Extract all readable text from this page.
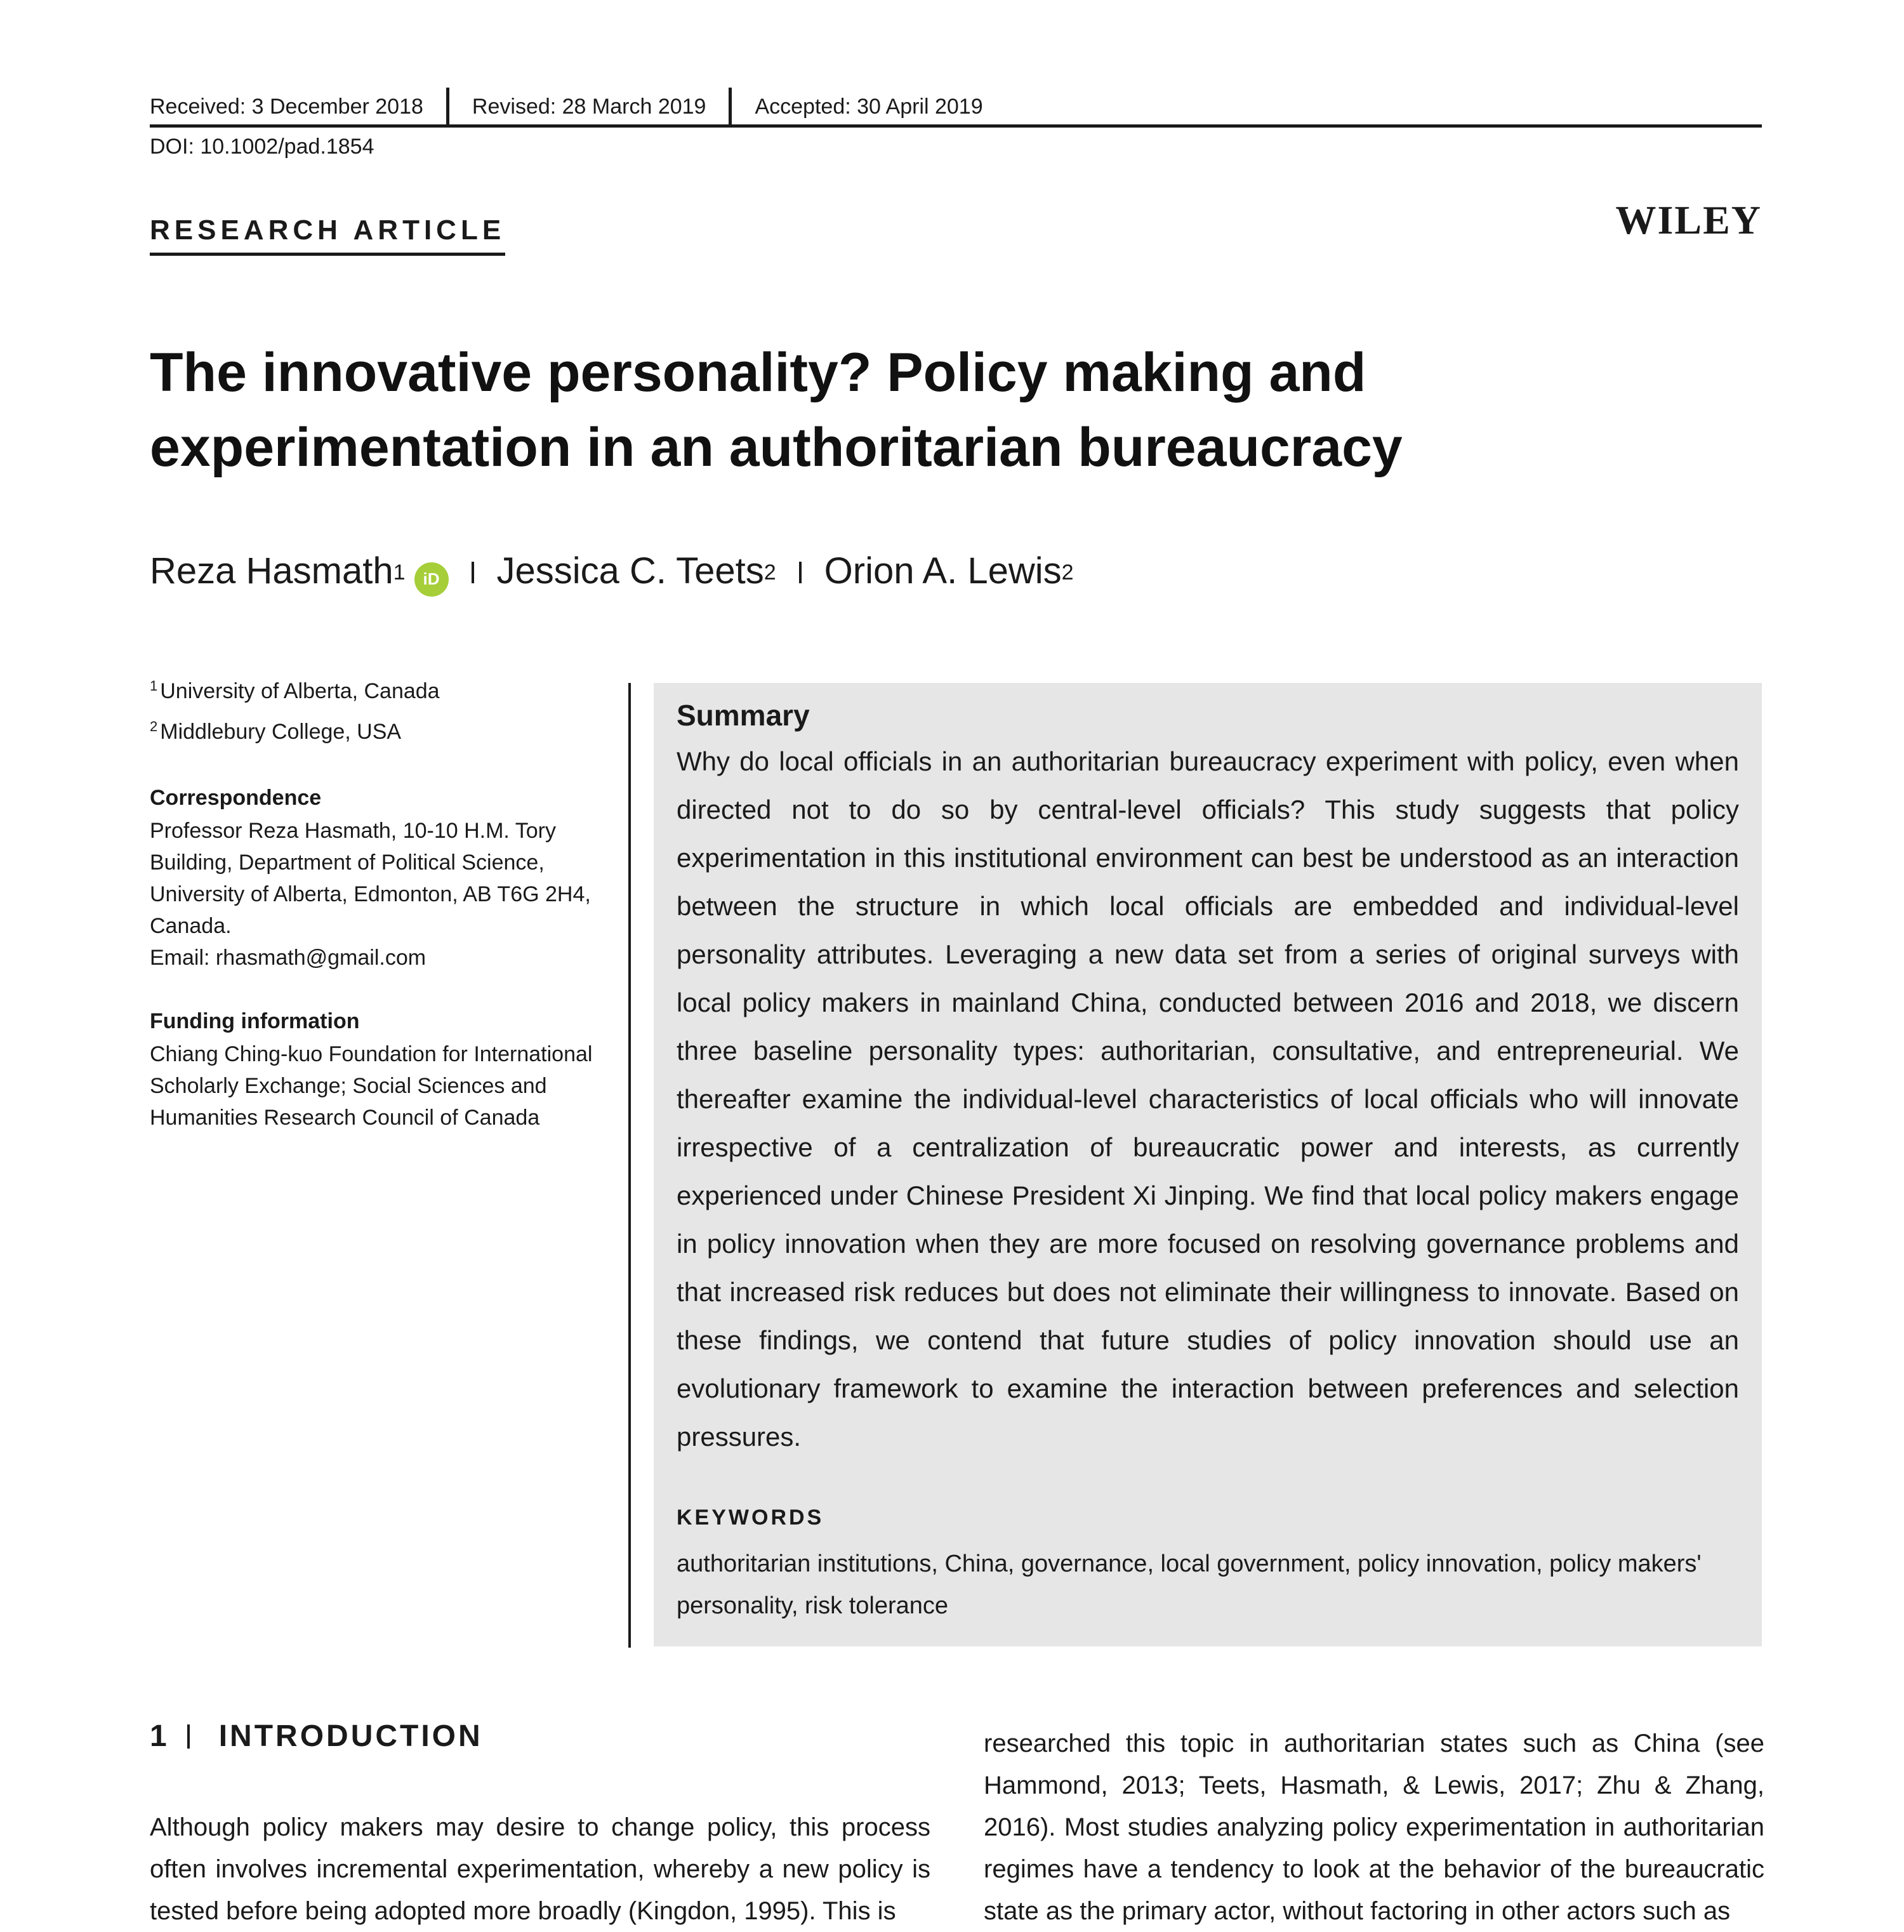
Received: 3 December 2018	Revised: 28 March 2019	Accepted: 30 April 2019
DOI: 10.1002/pad.1854
RESEARCH ARTICLE	WILEY
The innovative personality? Policy making and experimentation in an authoritarian bureaucracy
Reza Hasmath$^1$	iD Jessica C. Teets$^2$ Orion A. Lewis$^2$
$^1$ University of Alberta, Canada
$^2$ Middlebury College, USA
Correspondence
Professor Reza Hasmath, 10-10 H.M. Tory
Building, Department of Political Science,
University of Alberta, Edmonton, AB T6G 2H4,
Canada.
Email: rhasmath@gmail.com
Funding information
Chiang Ching-kuo Foundation for International
Scholarly Exchange; Social Sciences and
Humanities Research Council of Canada
Summary

Why do local officials in an authoritarian bureaucracy experiment with policy, even when directed not to do so by central-level officials? This study suggests that policy experimentation in this institutional environment can best be understood as an interaction between the structure in which local officials are embedded and individual-level personality attributes. Leveraging a new data set from a series of original surveys with local policy makers in mainland China, conducted between 2016 and 2018, we discern three baseline personality types: authoritarian, consultative, and entrepreneurial. We thereafter examine the individual-level characteristics of local officials who will innovate irrespective of a centralization of bureaucratic power and interests, as currently experienced under Chinese President Xi Jinping. We find that local policy makers engage in policy innovation when they are more focused on resolving governance problems and that increased risk reduces but does not eliminate their willingness to innovate. Based on these findings, we contend that future studies of policy innovation should use an evolutionary framework to examine the interaction between preferences and selection pressures.

KEYWORDS
authoritarian institutions, China, governance, local government, policy innovation, policy makers' personality, risk tolerance
1 INTRODUCTION

Although policy makers may desire to change policy, this process often involves incremental experimentation, whereby a new policy is tested before being adopted more broadly (Kingdon, 1995). This is

researched this topic in authoritarian states such as China (see Hammond, 2013; Teets, Hasmath, & Lewis, 2017; Zhu & Zhang, 2016). Most studies analyzing policy experimentation in authoritarian regimes have a tendency to look at the behavior of the bureaucratic state as the primary actor, without factoring in other actors such as
